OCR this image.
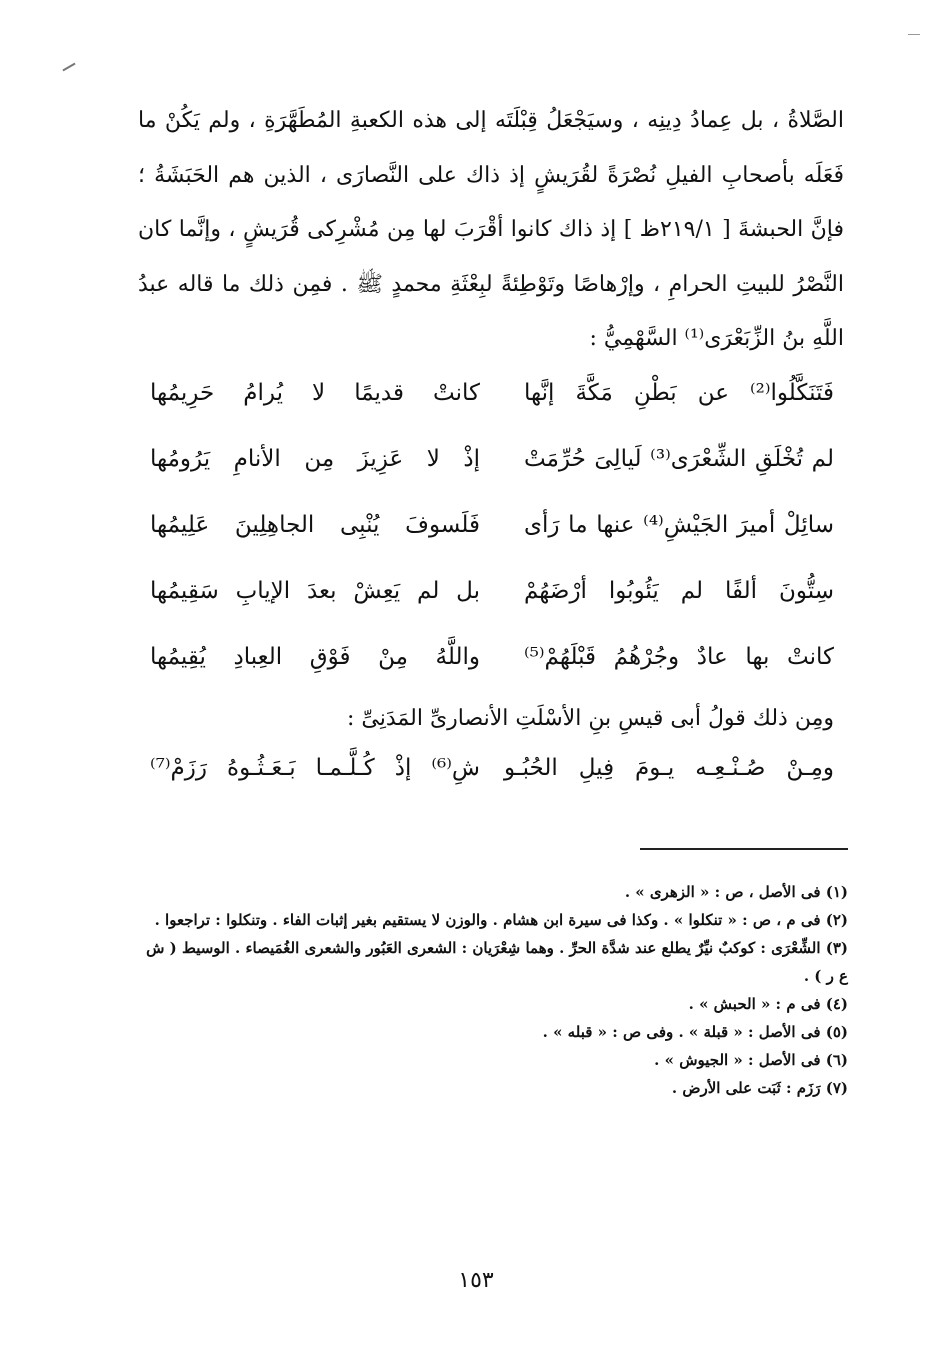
الصَّلاةُ ، بل عِمادُ دِينِه ، وسيَجْعَلُ قِبْلَتَه إلى هذه الكعبةِ المُطَهَّرَةِ ، ولم يَكُنْ ما فَعَلَه بأصحابِ الفيلِ نُصْرَةً لقُرَيشٍ إذ ذاك على النَّصارَى ، الذين هم الحَبَشَةُ ؛ فإنَّ الحبشةَ [ ٢١٩/١ظ ] إذ ذاك كانوا أقْرَبَ لها مِن مُشْرِكى قُرَيشٍ ، وإنَّما كان النَّصْرُ للبيتِ الحرامِ ، وإرْهاصًا وتَوْطِئةً لبِعْثَةِ محمدٍ ﷺ . فمِن ذلك ما قاله عبدُ اللَّهِ بنُ الزِّبَعْرَى⁽¹⁾ السَّهْمِيُّ :

فَتَنَكَّلُوا⁽²⁾ عن بَطْنِ مَكَّةَ إنَّها
كانتْ قديمًا لا يُرامُ حَرِيمُها
لم تُخْلَقِ الشِّعْرَى⁽³⁾ لَيالِىَ حُرِّمَتْ
إذْ لا عَزِيزَ مِن الأنامِ يَرُومُها
سائِلْ أميرَ الجَيْشِ⁽⁴⁾ عنها ما رَأى
فَلَسوفَ يُنْبِى الجاهِلِينَ عَلِيمُها
سِتُّونَ ألفًا لم يَئُوبُوا أرْضَهُمْ
بل لم يَعِشْ بعدَ الإيابِ سَقِيمُها
كانتْ بها عادٌ وجُرْهُمُ قَبْلَهُمْ⁽⁵⁾
واللَّهُ مِنْ فَوْقِ العِبادِ يُقِيمُها
ومِن ذلك قولُ أبى قيسِ بنِ الأسْلَتِ الأنصارىِّ المَدَنِىِّ :
ومِـنْ صُـنْـعِـه يـومَ فِيلِ الحُبُـو
شِ⁽⁶⁾ إذْ كُـلَّـمـا بَـعَـثُـوهُ رَزَمْ⁽⁷⁾
(١) فى الأصل ، ص : « الزهرى » .
(٢) فى م ، ص : « تنكلوا » . وكذا فى سيرة ابن هشام . والوزن لا يستقيم بغير إثبات الفاء . وتنكلوا : تراجعوا .
(٣) الشِّعْرَى : كوكبٌ نيِّرٌ يطلع عند شدَّة الحرِّ . وهما شِعْرَيان : الشعرى العَبُور والشعرى الغُمَيصاء . الوسيط ( ش ع ر ) .
(٤) فى م : « الحبش » .
(٥) فى الأصل : « قبلة » . وفى ص : « قبله » .
(٦) فى الأصل : « الجيوش » .
(٧) رَزَم : ثَبَت على الأرض .
١٥٣
